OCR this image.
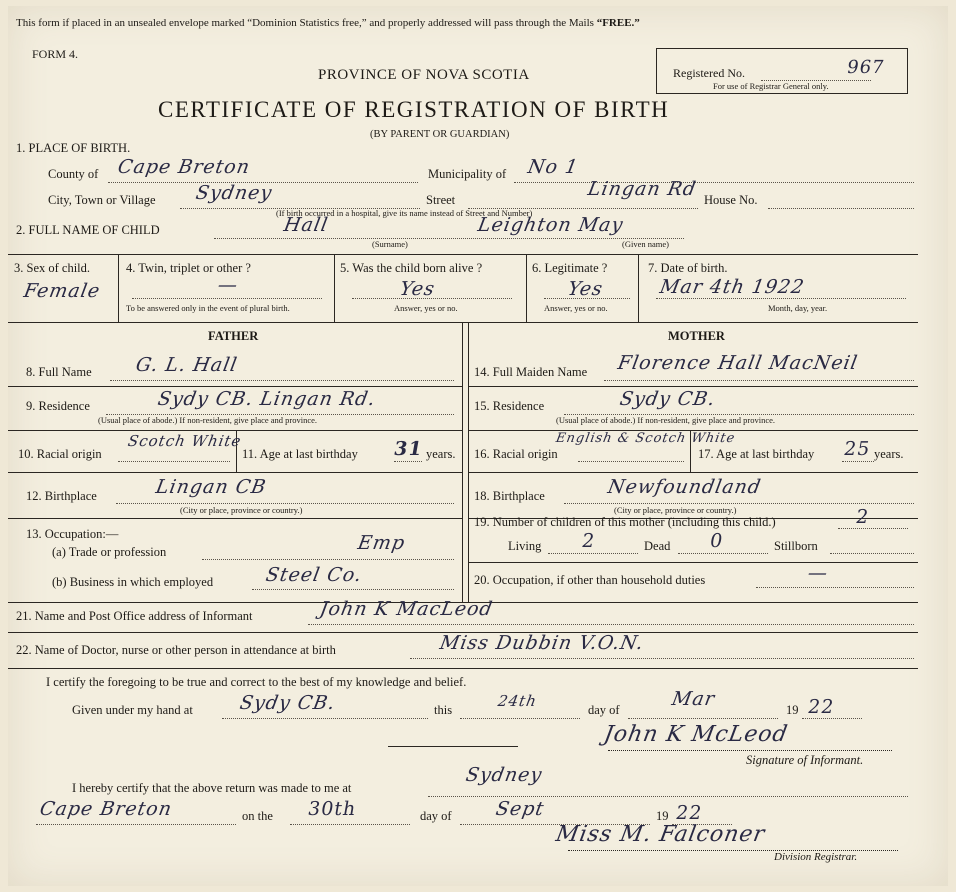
This form if placed in an unsealed envelope marked “Dominion Statistics free,” and properly addressed will pass through the Mails “FREE.”
FORM 4.
PROVINCE OF NOVA SCOTIA
CERTIFICATE OF REGISTRATION OF BIRTH
(BY PARENT OR GUARDIAN)
Registered No.	967
For use of Registrar General only.
1. PLACE OF BIRTH.
County of Cape Breton	Municipality of No 1
City, Town or Village Sydney	Street	Lingan Rd House No.
(If birth occurred in a hospital, give its name instead of Street and Number)
2. FULL NAME OF CHILD	Hall	Leighton May
(Surname)	(Given name)
3. Sex of child.
Female
4. Twin, triplet or other ?
—
To be answered only in the event of plural birth.
5. Was the child born alive ?
Yes
Answer, yes or no.
6. Legitimate ?
Yes
Answer, yes or no.
7. Date of birth.
Mar 4th 1922
Month, day, year.
FATHER	MOTHER
8. Full Name G. L. Hall
9. Residence	Sydy CB. Lingan Rd.
(Usual place of abode.) If non-resident, give place and province.
10. Racial origin
Scotch White
11. Age at last birthday 31 years.
12. Birthplace	Lingan CB
(City or place, province or country.)
13. Occupation:—
(a) Trade or profession	Emp
(b) Business in which employed	Steel Co.
14. Full Maiden Name Florence Hall MacNeil
15. Residence	Sydy CB.
(Usual place of abode.) If non-resident, give place and province.
16. Racial origin
English & Scotch White
17. Age at last birthday 25 years.
18. Birthplace	Newfoundland
(City or place, province or country.)
19. Number of children of this mother (including this child.)	2
Living 2	Dead 0	Stillborn
20. Occupation, if other than household duties	—
21. Name and Post Office address of Informant	John K MacLeod
22. Name of Doctor, nurse or other person in attendance at birth	Miss Dubbin V.O.N.
I certify the foregoing to be true and correct to the best of my knowledge and belief.
Given under my hand at Sydy CB.	this	24th	day of	Mar	19 22
John K McLeod
Signature of Informant.
I hereby certify that the above return was made to me at
Sydney
Cape Breton	on the 30th	day of Sept	19 22
Miss M. Falconer
Division Registrar.
